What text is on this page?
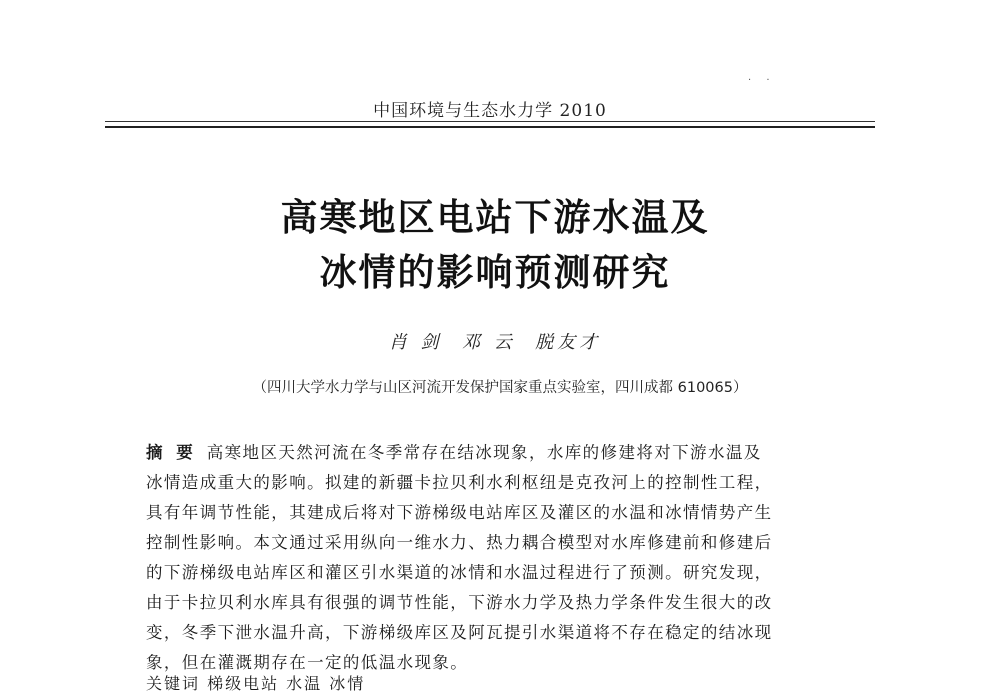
· ·
中国环境与生态水力学 2010
高寒地区电站下游水温及
冰情的影响预测研究
肖 剑  邓 云  脱友才
（四川大学水力学与山区河流开发保护国家重点实验室，四川成都 610065）
摘 要 高寒地区天然河流在冬季常存在结冰现象，水库的修建将对下游水温及
冰情造成重大的影响。拟建的新疆卡拉贝利水利枢纽是克孜河上的控制性工程，
具有年调节性能，其建成后将对下游梯级电站库区及灌区的水温和冰情情势产生
控制性影响。本文通过采用纵向一维水力、热力耦合模型对水库修建前和修建后
的下游梯级电站库区和灌区引水渠道的冰情和水温过程进行了预测。研究发现，
由于卡拉贝利水库具有很强的调节性能，下游水力学及热力学条件发生很大的改
变，冬季下泄水温升高，下游梯级库区及阿瓦提引水渠道将不存在稳定的结冰现
象，但在灌溉期存在一定的低温水现象。
关键词 梯级电站 水温 冰情
